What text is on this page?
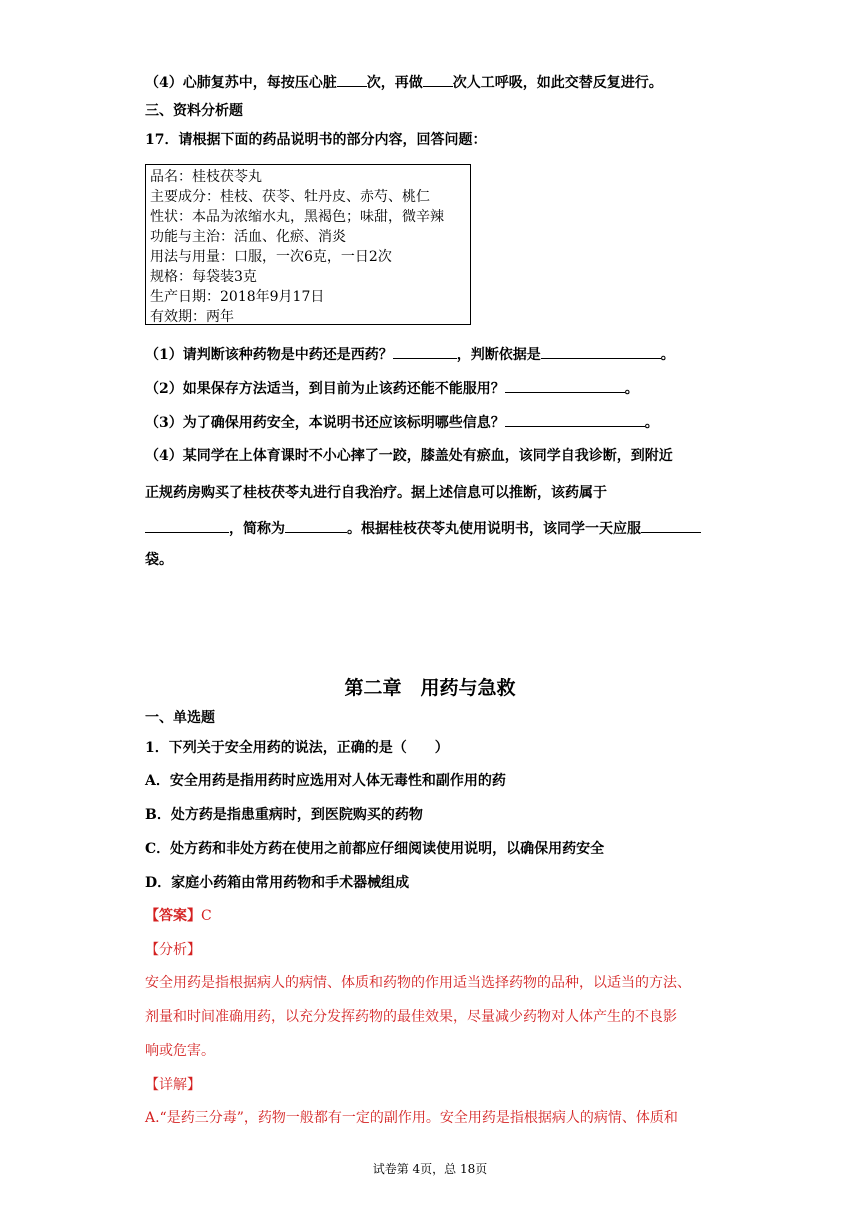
（4）心肺复苏中，每按压心脏 次，再做 次人工呼吸，如此交替反复进行。
三、资料分析题
17．请根据下面的药品说明书的部分内容，回答问题：
品名：桂枝茯苓丸
主要成分：桂枝、茯苓、牡丹皮、赤芍、桃仁
性状：本品为浓缩水丸，黑褐色；味甜，微辛辣
功能与主治：活血、化瘀、消炎
用法与用量：口服，一次6克，一日2次
规格：每袋装3克
生产日期：2018年9月17日
有效期：两年
（1）请判断该种药物是中药还是西药？	，判断依据是	。
（2）如果保存方法适当，到目前为止该药还能不能服用？	。
（3）为了确保用药安全，本说明书还应该标明哪些信息？	。
（4）某同学在上体育课时不小心摔了一跤，膝盖处有瘀血，该同学自我诊断，到附近
正规药房购买了桂枝茯苓丸进行自我治疗。据上述信息可以推断，该药属于
，简称为	。根据桂枝茯苓丸使用说明书，该同学一天应服
袋。
第二章　用药与急救
一、单选题
1．下列关于安全用药的说法，正确的是（　　）
A．安全用药是指用药时应选用对人体无毒性和副作用的药
B．处方药是指患重病时，到医院购买的药物
C．处方药和非处方药在使用之前都应仔细阅读使用说明，以确保用药安全
D．家庭小药箱由常用药物和手术器械组成
【答案】C
【分析】
安全用药是指根据病人的病情、体质和药物的作用适当选择药物的品种，以适当的方法、
剂量和时间准确用药，以充分发挥药物的最佳效果，尽量减少药物对人体产生的不良影
响或危害。
【详解】
A.“是药三分毒”，药物一般都有一定的副作用。安全用药是指根据病人的病情、体质和
试卷第 4页，总 18页
